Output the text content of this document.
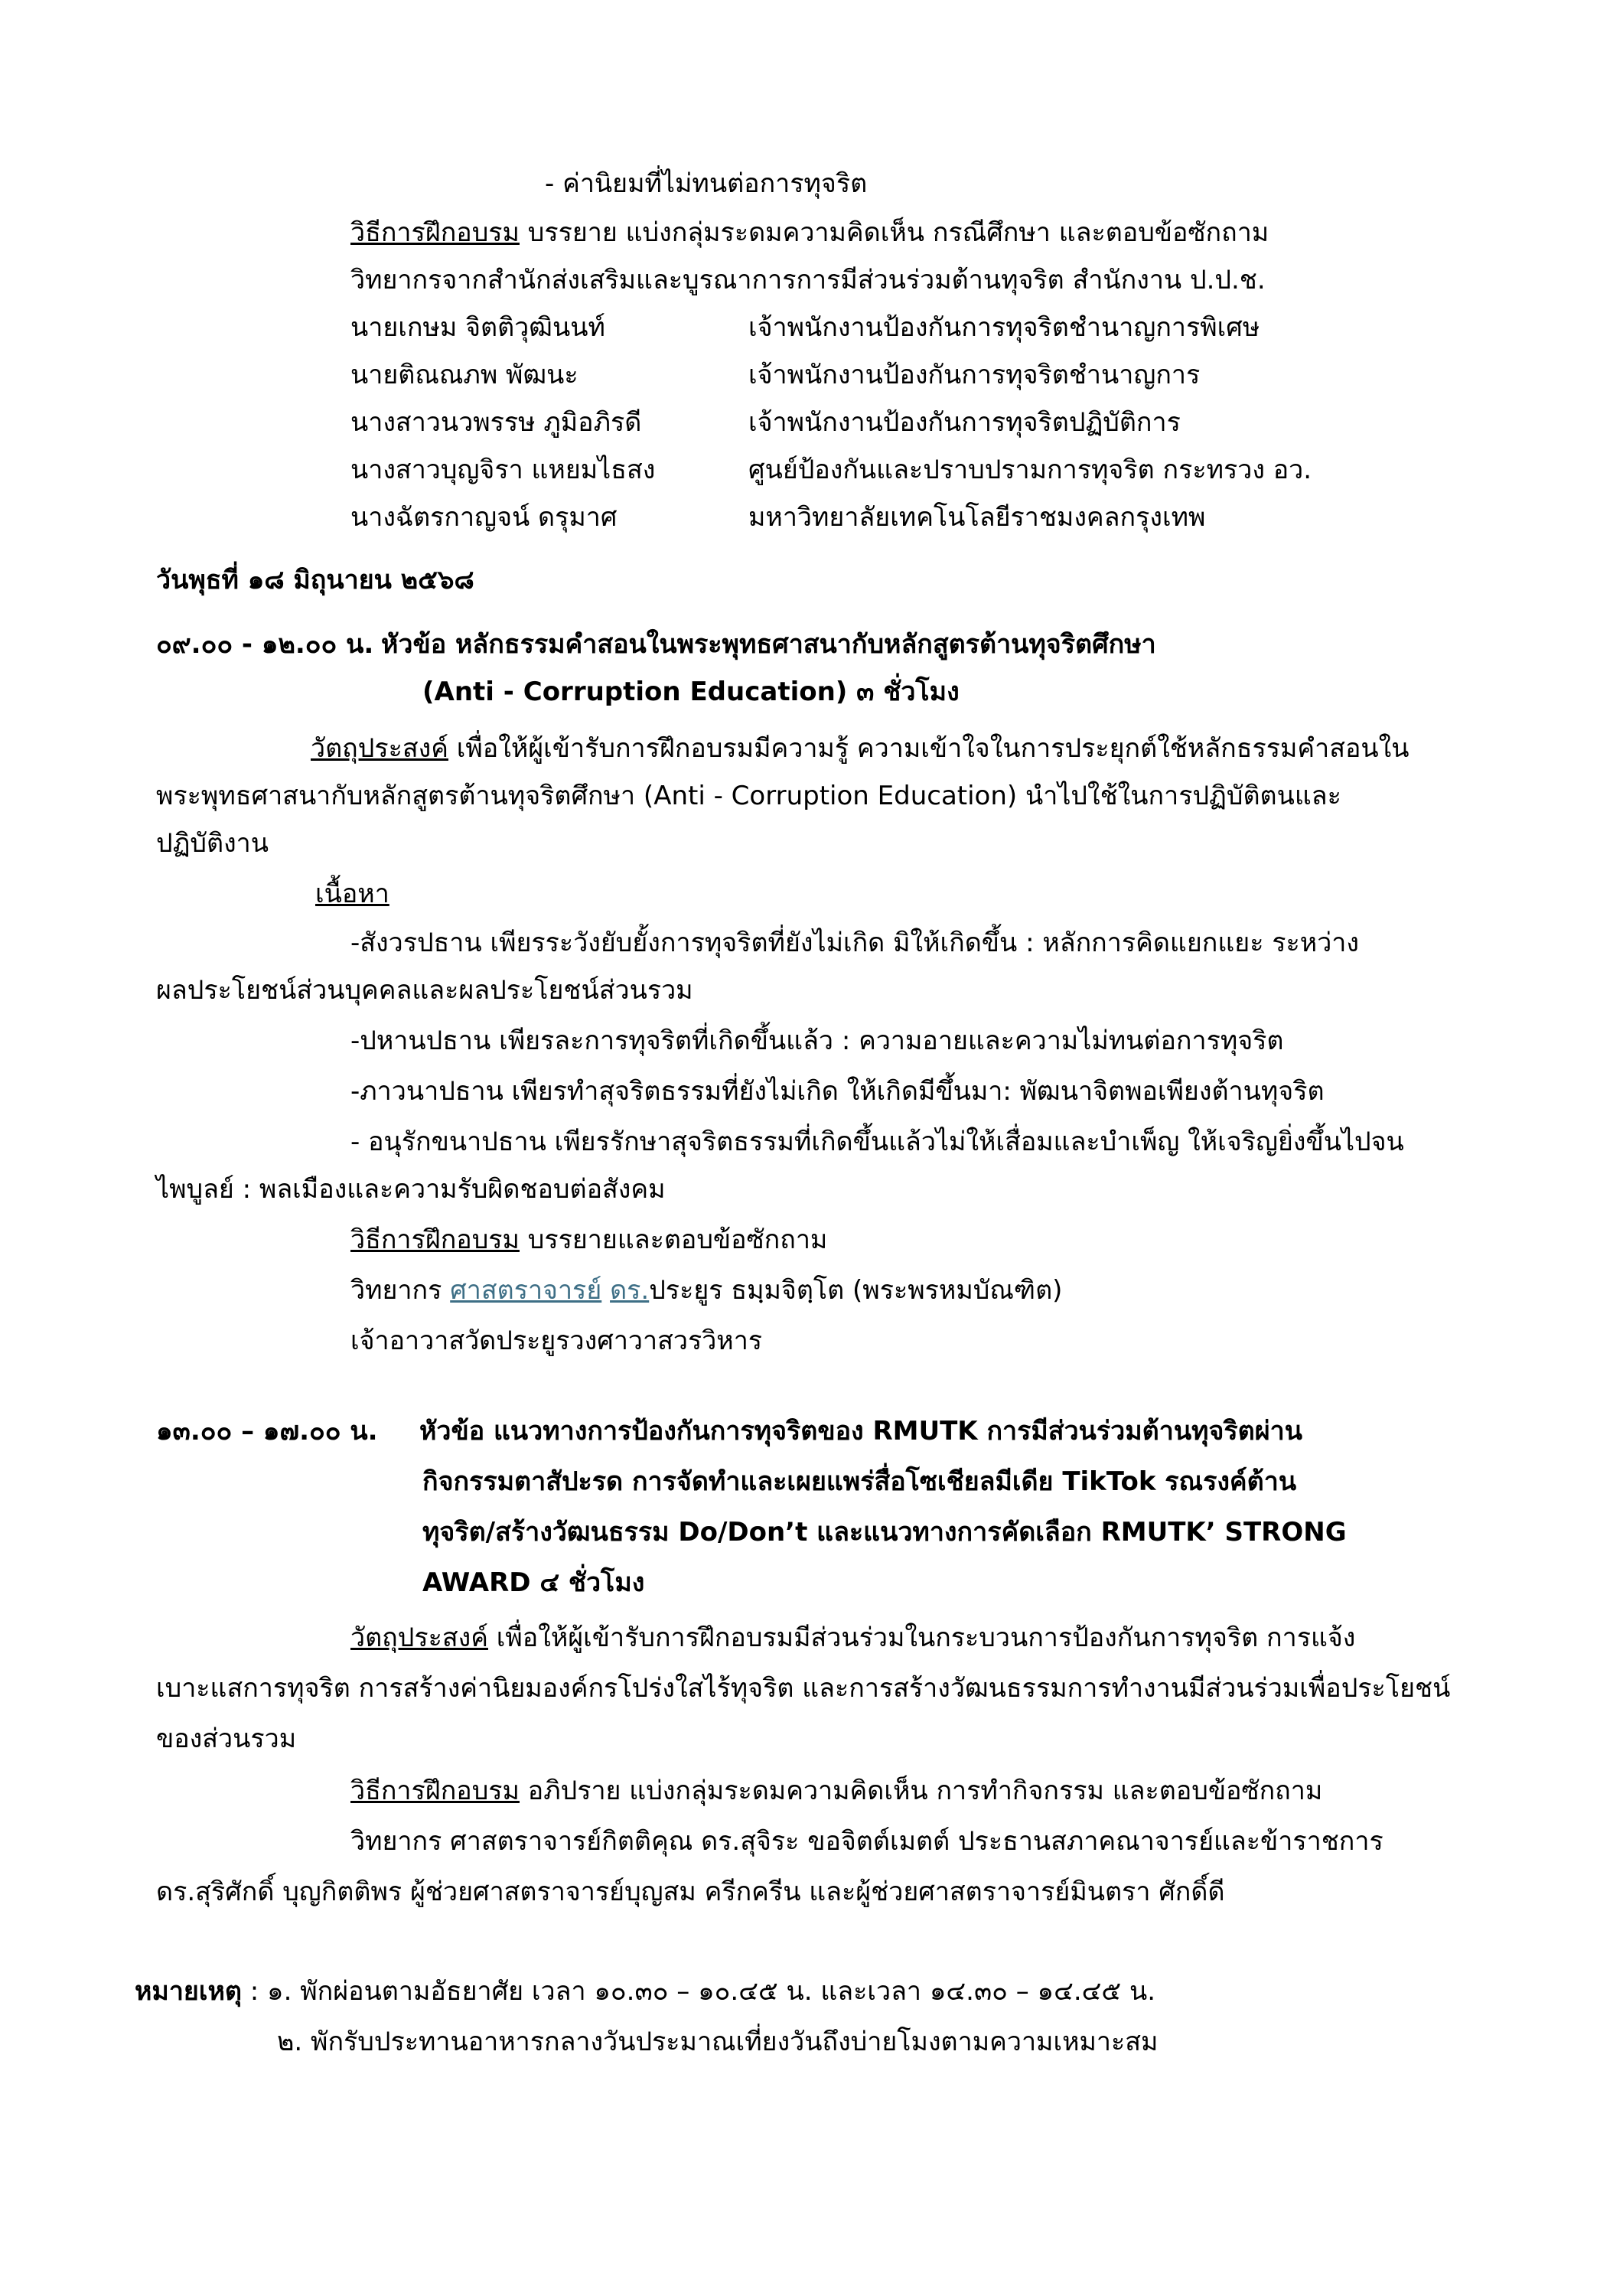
- ค่านิยมที่ไม่ทนต่อการทุจริต
วิธีการฝึกอบรม บรรยาย แบ่งกลุ่มระดมความคิดเห็น กรณีศึกษา และตอบข้อซักถาม
วิทยากรจากสำนักส่งเสริมและบูรณาการการมีส่วนร่วมต้านทุจริต สำนักงาน ป.ป.ช.
นายเกษม จิตติวุฒินนท์	เจ้าพนักงานป้องกันการทุจริตชำนาญการพิเศษ
นายติณณภพ พัฒนะ	เจ้าพนักงานป้องกันการทุจริตชำนาญการ
นางสาวนวพรรษ ภูมิอภิรดี	เจ้าพนักงานป้องกันการทุจริตปฏิบัติการ
นางสาวบุญจิรา แหยมไธสง	ศูนย์ป้องกันและปราบปรามการทุจริต กระทรวง อว.
นางฉัตรกาญจน์ ดรุมาศ	มหาวิทยาลัยเทคโนโลยีราชมงคลกรุงเทพ
วันพุธที่ ๑๘ มิถุนายน ๒๕๖๘
๐๙.๐๐ - ๑๒.๐๐ น. หัวข้อ หลักธรรมคำสอนในพระพุทธศาสนากับหลักสูตรต้านทุจริตศึกษา
(Anti - Corruption Education) ๓ ชั่วโมง
วัตถุประสงค์ เพื่อให้ผู้เข้ารับการฝึกอบรมมีความรู้ ความเข้าใจในการประยุกต์ใช้หลักธรรมคำสอนใน
พระพุทธศาสนากับหลักสูตรต้านทุจริตศึกษา (Anti - Corruption Education) นำไปใช้ในการปฏิบัติตนและ
ปฏิบัติงาน
เนื้อหา
-สังวรปธาน เพียรระวังยับยั้งการทุจริตที่ยังไม่เกิด มิให้เกิดขึ้น : หลักการคิดแยกแยะ ระหว่าง
ผลประโยชน์ส่วนบุคคลและผลประโยชน์ส่วนรวม
-ปหานปธาน เพียรละการทุจริตที่เกิดขึ้นแล้ว : ความอายและความไม่ทนต่อการทุจริต
-ภาวนาปธาน เพียรทำสุจริตธรรมที่ยังไม่เกิด ให้เกิดมีขึ้นมา: พัฒนาจิตพอเพียงต้านทุจริต
- อนุรักขนาปธาน เพียรรักษาสุจริตธรรมที่เกิดขึ้นแล้วไม่ให้เสื่อมและบำเพ็ญ ให้เจริญยิ่งขึ้นไปจน
ไพบูลย์ : พลเมืองและความรับผิดชอบต่อสังคม
วิธีการฝึกอบรม บรรยายและตอบข้อซักถาม
วิทยากร ศาสตราจารย์ ดร.ประยูร ธมฺมจิตฺโต (พระพรหมบัณฑิต)
เจ้าอาวาสวัดประยูรวงศาวาสวรวิหาร
๑๓.๐๐ – ๑๗.๐๐ น. หัวข้อ แนวทางการป้องกันการทุจริตของ RMUTK การมีส่วนร่วมต้านทุจริตผ่าน
กิจกรรมตาสัปะรด การจัดทำและเผยแพร่สื่อโซเชียลมีเดีย TikTok รณรงค์ต้าน
ทุจริต/สร้างวัฒนธรรม Do/Don’t และแนวทางการคัดเลือก RMUTK’ STRONG
AWARD ๔ ชั่วโมง
วัตถุประสงค์ เพื่อให้ผู้เข้ารับการฝึกอบรมมีส่วนร่วมในกระบวนการป้องกันการทุจริต การแจ้ง
เบาะแสการทุจริต การสร้างค่านิยมองค์กรโปร่งใสไร้ทุจริต และการสร้างวัฒนธรรมการทำงานมีส่วนร่วมเพื่อประโยชน์
ของส่วนรวม
วิธีการฝึกอบรม อภิปราย แบ่งกลุ่มระดมความคิดเห็น การทำกิจกรรม และตอบข้อซักถาม
วิทยากร ศาสตราจารย์กิตติคุณ ดร.สุจิระ ขอจิตต์เมตต์ ประธานสภาคณาจารย์และข้าราชการ
ดร.สุริศักดิ์ บุญกิตติพร ผู้ช่วยศาสตราจารย์บุญสม ครีกครีน และผู้ช่วยศาสตราจารย์มินตรา ศักดิ์ดี
หมายเหตุ : ๑. พักผ่อนตามอัธยาศัย เวลา ๑๐.๓๐ – ๑๐.๔๕ น. และเวลา ๑๔.๓๐ – ๑๔.๔๕ น.
๒. พักรับประทานอาหารกลางวันประมาณเที่ยงวันถึงบ่ายโมงตามความเหมาะสม
